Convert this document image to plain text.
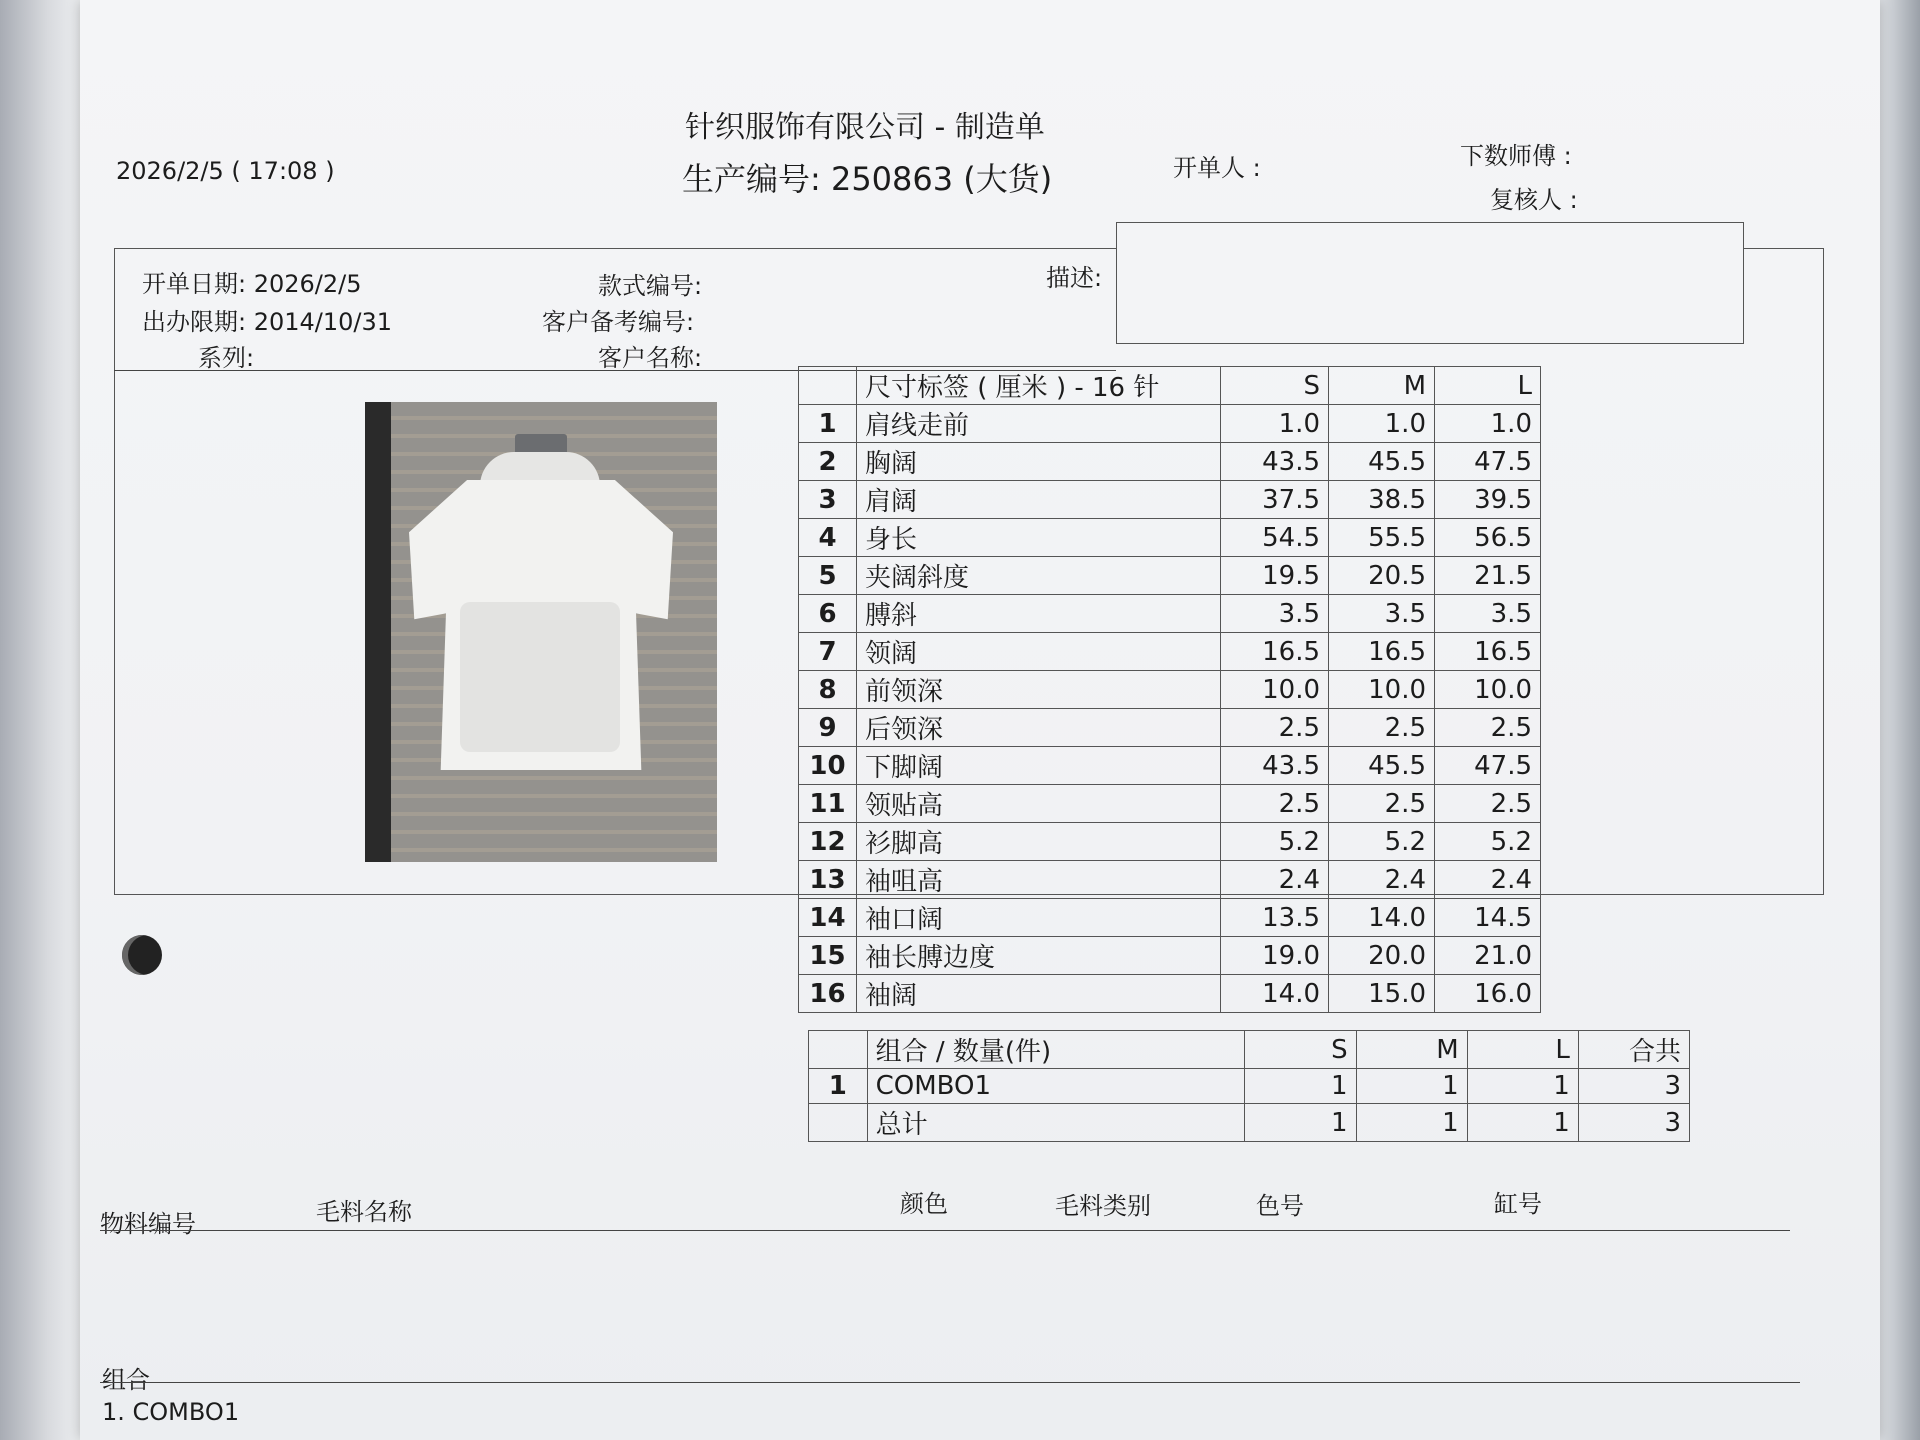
2026/2/5 ( 17:08 )
针织服饰有限公司 - 制造单
生产编号: 250863 (大货)	开单人 :	下数师傅 :
复核人 :
开单日期: 2026/2/5
出办限期: 2014/10/31
系列:
款式编号:
客户备考编号:
客户名称:
描述:
	尺寸标签 ( 厘米 ) - 16 针	S	M	L
1	肩线走前	1.0	1.0	1.0
2	胸阔	43.5	45.5	47.5
3	肩阔	37.5	38.5	39.5
4	身长	54.5	55.5	56.5
5	夹阔斜度	19.5	20.5	21.5
6	膊斜	3.5	3.5	3.5
7	领阔	16.5	16.5	16.5
8	前领深	10.0	10.0	10.0
9	后领深	2.5	2.5	2.5
10	下脚阔	43.5	45.5	47.5
11	领贴高	2.5	2.5	2.5
12	衫脚高	5.2	5.2	5.2
13	袖咀高	2.4	2.4	2.4
14	袖口阔	13.5	14.0	14.5
15	袖长膊边度	19.0	20.0	21.0
16	袖阔	14.0	15.0	16.0
	组合 / 数量(件)	S	M	L	合共
1	COMBO1	1	1	1	3
	总计	1	1	1	3
物料编号	毛料名称	颜色	毛料类别	色号	缸号
组合
1. COMBO1
